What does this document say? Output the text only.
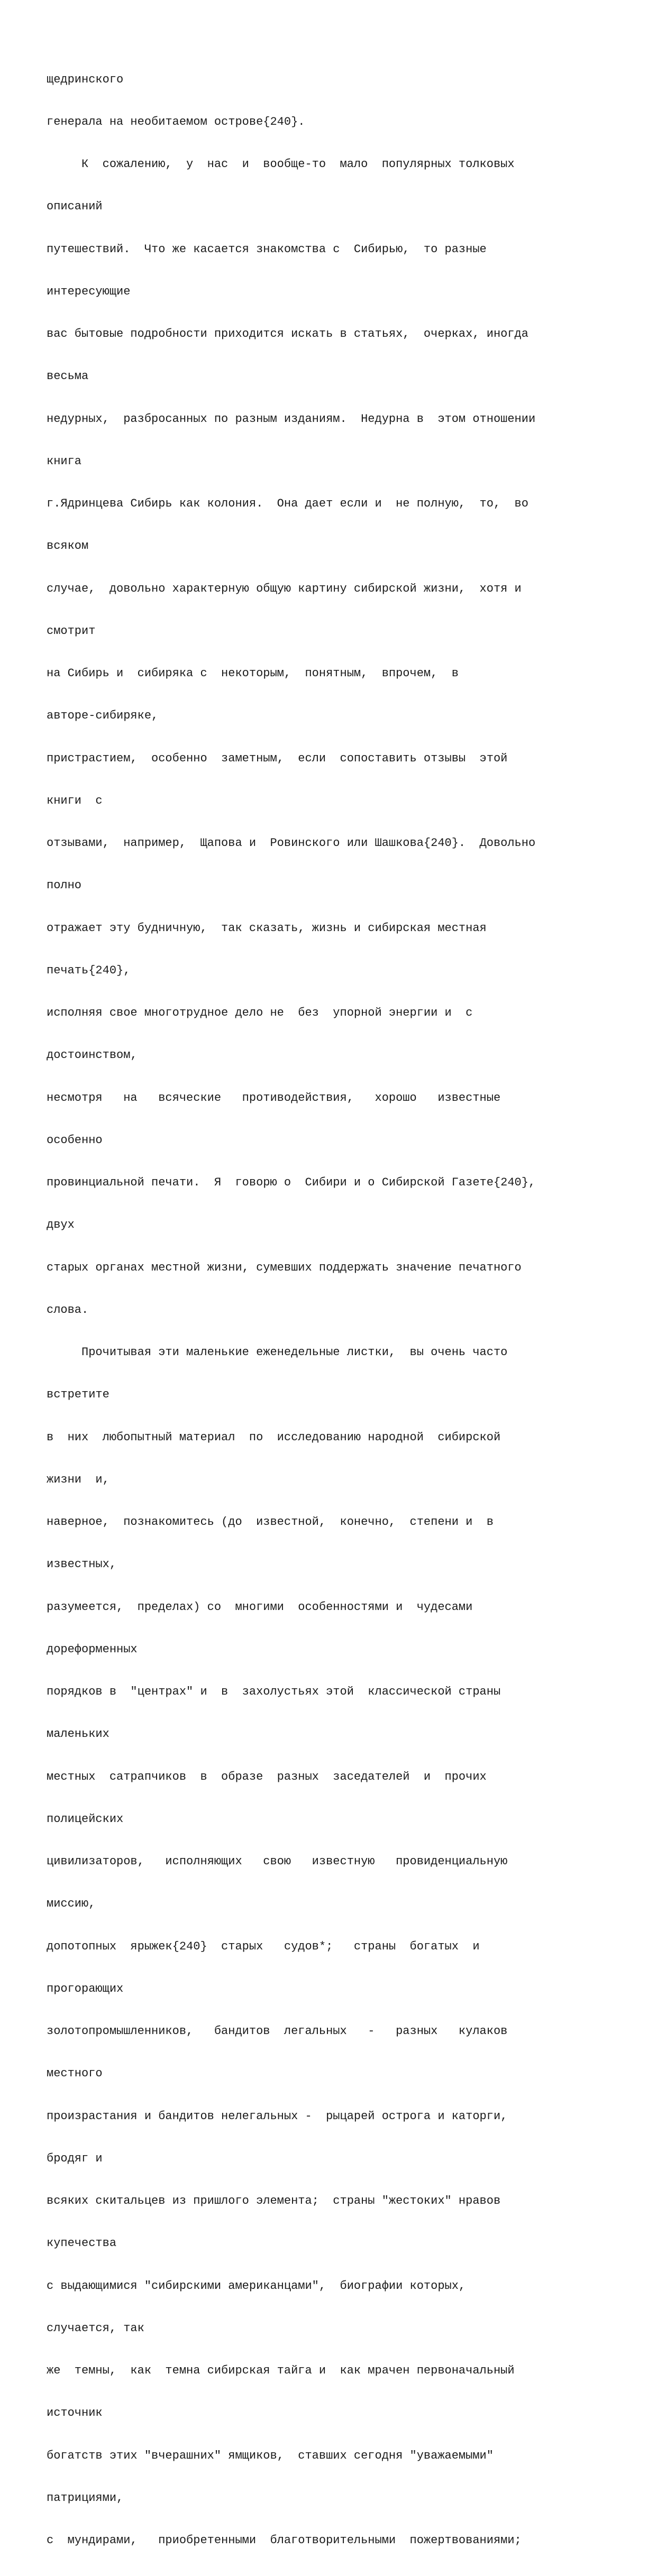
щедринского

генерала на необитаемом острове{240}.

К  сожалению,  у  нас  и  вообще-то  мало  популярных толковых

описаний

путешествий.  Что же касается знакомства с  Сибирью,  то разные

интересующие

вас бытовые подробности приходится искать в статьях,  очерках, иногда

весьма

недурных,  разбросанных по разным изданиям.  Недурна в  этом отношении

книга

г.Ядринцева Сибирь как колония.  Она дает если и  не полную,  то,  во

всяком

случае,  довольно характерную общую картину сибирской жизни,  хотя и

смотрит

на Сибирь и  сибиряка с  некоторым,  понятным,  впрочем,  в

авторе-сибиряке,

пристрастием,  особенно  заметным,  если  сопоставить отзывы  этой

книги  с

отзывами,  например,  Щапова и  Ровинского или Шашкова{240}.  Довольно

полно

отражает эту будничную,  так сказать, жизнь и сибирская местная

печать{240},

исполняя свое многотрудное дело не  без  упорной энергии и  с

достоинством,

несмотря   на   всяческие   противодействия,   хорошо   известные

особенно

провинциальной печати.  Я  говорю о  Сибири и о Сибирской Газете{240},

двух

старых органах местной жизни, сумевших поддержать значение печатного

слова.

Прочитывая эти маленькие еженедельные листки,  вы очень часто

встретите

в  них  любопытный материал  по  исследованию народной  сибирской

жизни  и,

наверное,  познакомитесь (до  известной,  конечно,  степени и  в

известных,

разумеется,  пределах) со  многими  особенностями и  чудесами

дореформенных

порядков в  "центрах" и  в  захолустьях этой  классической страны

маленьких

местных  сатрапчиков  в  образе  разных  заседателей  и  прочих

полицейских

цивилизаторов,   исполняющих   свою   известную   провиденциальную

миссию,

допотопных  ярыжек{240}  старых   судов*;   страны  богатых  и

прогорающих

золотопромышленников,   бандитов  легальных   -   разных   кулаков

местного

произрастания и бандитов нелегальных -  рыцарей острога и каторги,

бродяг и

всяких скитальцев из пришлого элемента;  страны "жестоких" нравов

купечества

с выдающимися "сибирскими американцами",  биографии которых,

случается, так

же  темны,  как  темна сибирская тайга и  как мрачен первоначальный

источник

богатств этих "вчерашних" ямщиков,  ставших сегодня "уважаемыми"

патрициями,

с  мундирами,   приобретенными  благотворительными  пожертвованиями;
